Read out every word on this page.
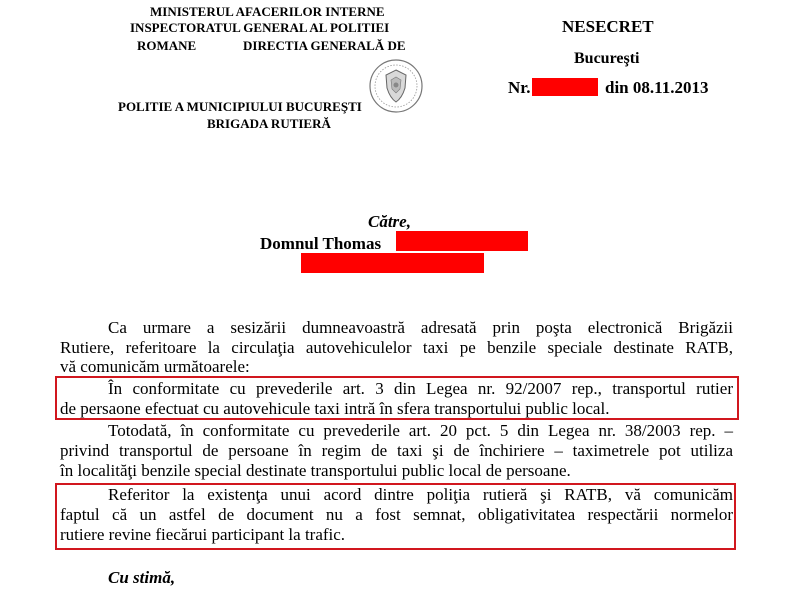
MINISTERUL AFACERILOR INTERNE
INSPECTORATUL GENERAL AL POLITIEI
ROMANE	DIRECTIA GENERALĂ DE
POLITIE A MUNICIPIULUI BUCUREŞTI
BRIGADA RUTIERĂ
NESECRET
Bucureşti
Nr.	din 08.11.2013
Către,
Domnul Thomas
Ca urmare a sesizării dumneavoastră adresată prin poşta electronică Brigăzii
Rutiere, referitoare la circulaţia autovehiculelor taxi pe benzile speciale destinate RATB,
vă comunicăm următoarele:
În conformitate cu prevederile art. 3 din Legea nr. 92/2007 rep., transportul rutier
de persaone efectuat cu autovehicule taxi intră în sfera transportului public local.
Totodată, în conformitate cu prevederile art. 20 pct. 5 din Legea nr. 38/2003 rep. –
privind transportul de persoane în regim de taxi şi de închiriere – taximetrele pot utiliza
în localităţi benzile special destinate transportului public local de persoane.
Referitor la existenţa unui acord dintre poliţia rutieră şi RATB, vă comunicăm
faptul că un astfel de document nu a fost semnat, obligativitatea respectării normelor
rutiere revine fiecărui participant la trafic.
Cu stimă,
